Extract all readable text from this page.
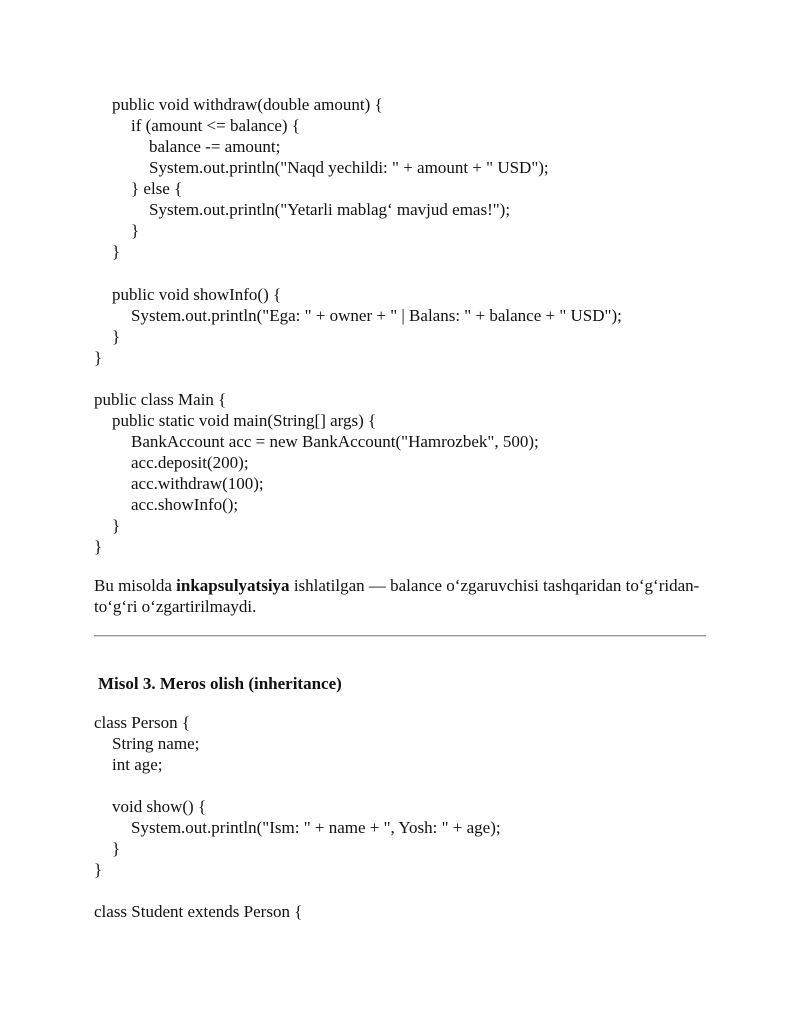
public void withdraw(double amount) {
if (amount <= balance) {
balance -= amount;
System.out.println("Naqd yechildi: " + amount + " USD");
} else {
System.out.println("Yetarli mablag‘ mavjud emas!");
}
}
public void showInfo() {
System.out.println("Ega: " + owner + " | Balans: " + balance + " USD");
}
}
public class Main {
public static void main(String[] args) {
BankAccount acc = new BankAccount("Hamrozbek", 500);
acc.deposit(200);
acc.withdraw(100);
acc.showInfo();
}
}
Bu misolda inkapsulyatsiya ishlatilgan — balance o‘zgaruvchisi tashqaridan to‘g‘ridan-to‘g‘ri o‘zgartirilmaydi.
Misol 3. Meros olish (inheritance)
class Person {
String name;
int age;
void show() {
System.out.println("Ism: " + name + ", Yosh: " + age);
}
}
class Student extends Person {
